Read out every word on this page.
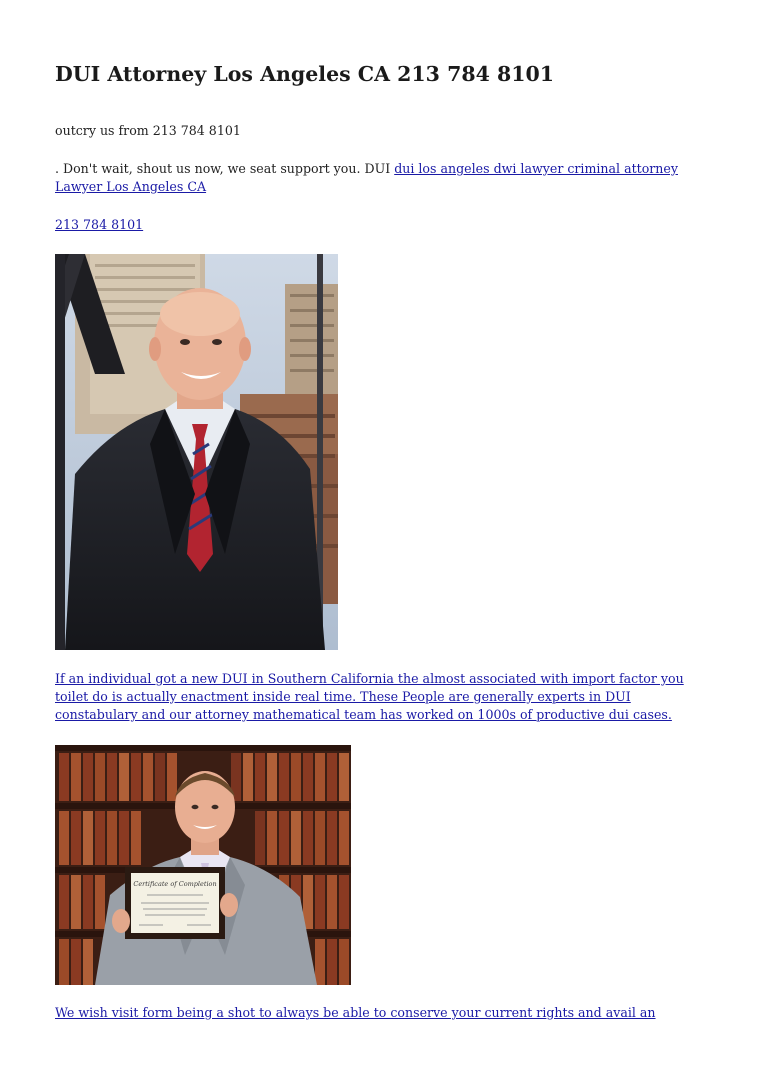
DUI Attorney Los Angeles CA 213 784 8101

outcry us from 213 784 8101

. Don't wait, shout us now, we seat support you. DUI dui los angeles dwi lawyer criminal attorney Lawyer Los Angeles CA

213 784 8101

If an individual got a new DUI in Southern California the almost associated with import factor you toilet do is actually enactment inside real time. These People are generally experts in DUI constabulary and our attorney mathematical team has worked on 1000s of productive dui cases.

Certificate of Completion

We wish visit form being a shot to always be able to conserve your current rights and avail an
